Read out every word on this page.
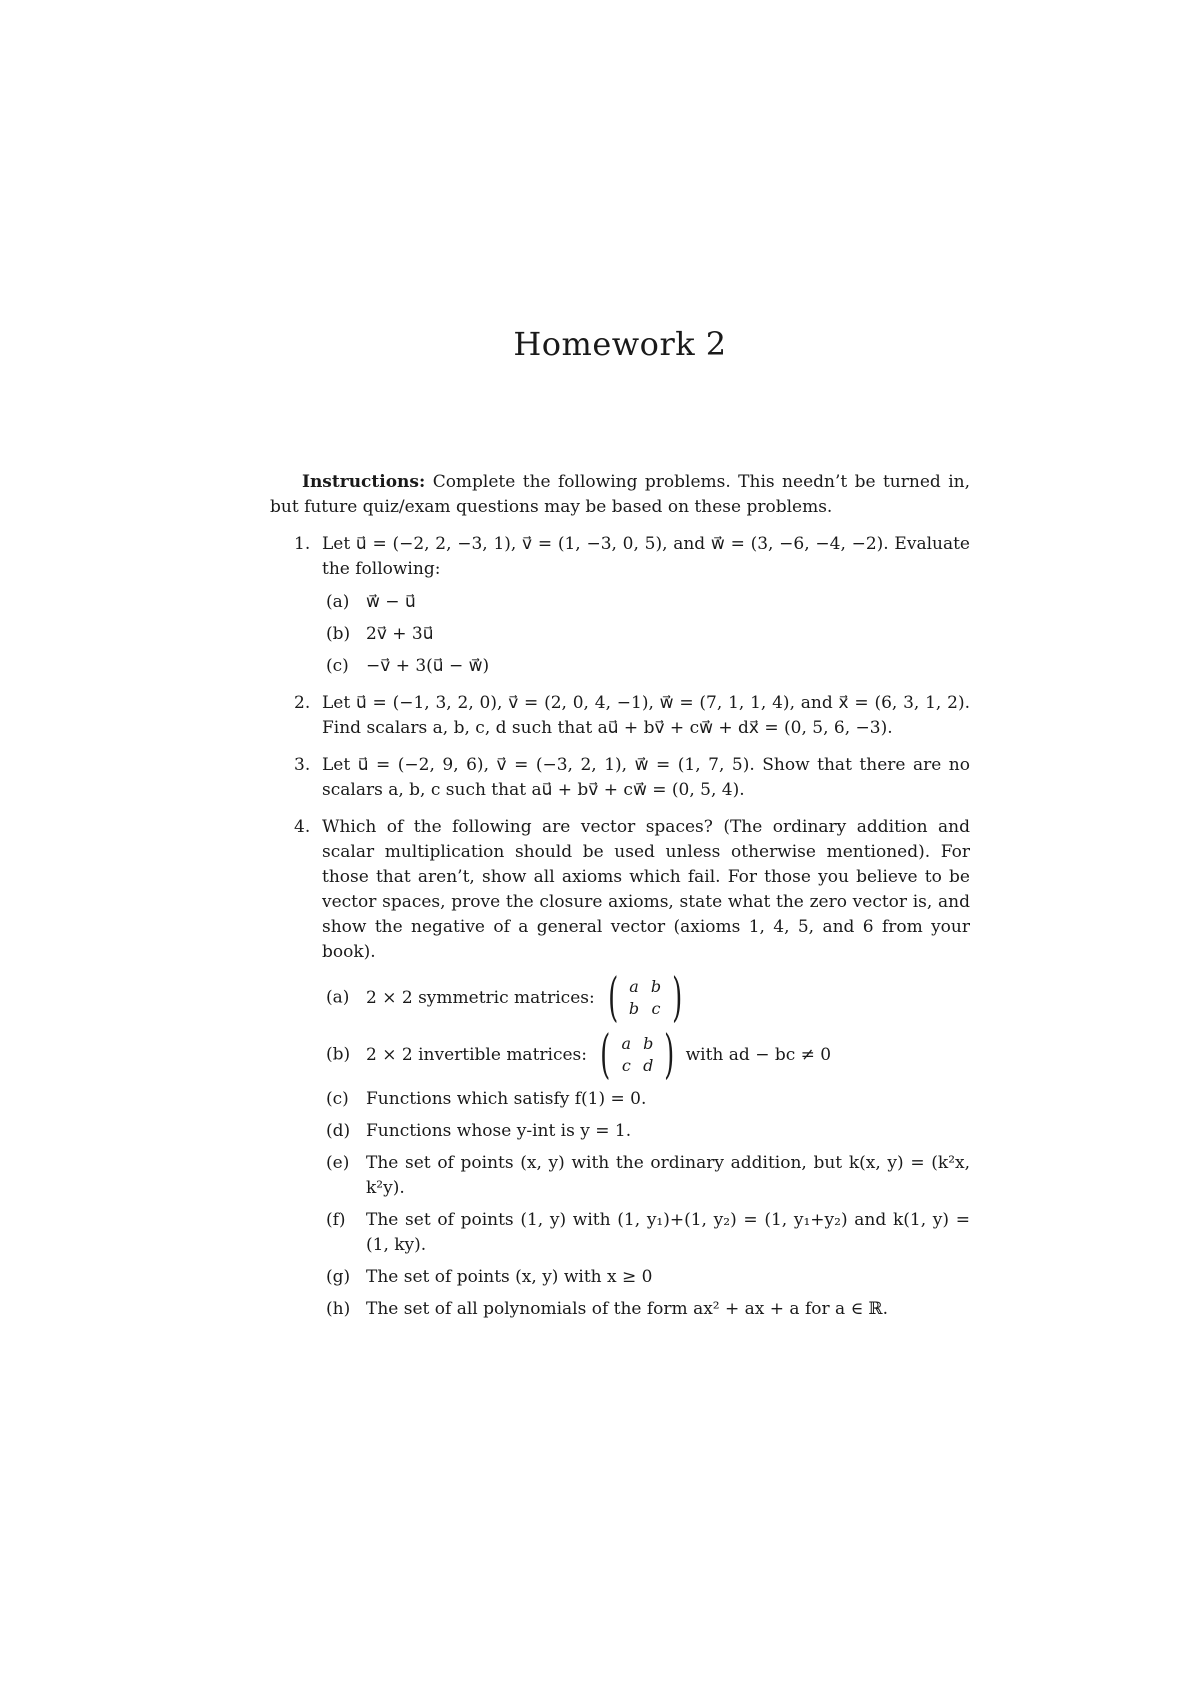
Homework 2

Instructions: Complete the following problems. This needn’t be turned in, but future quiz/exam questions may be based on these problems.

1. Let u⃗ = (−2, 2, −3, 1), v⃗ = (1, −3, 0, 5), and w⃗ = (3, −6, −4, −2). Evaluate the following:
(a) w⃗ − u⃗
(b) 2v⃗ + 3u⃗
(c) −v⃗ + 3(u⃗ − w⃗)
2. Let u⃗ = (−1, 3, 2, 0), v⃗ = (2, 0, 4, −1), w⃗ = (7, 1, 1, 4), and x⃗ = (6, 3, 1, 2). Find scalars a, b, c, d such that au⃗ + bv⃗ + cw⃗ + dx⃗ = (0, 5, 6, −3).
3. Let u⃗ = (−2, 9, 6), v⃗ = (−3, 2, 1), w⃗ = (1, 7, 5). Show that there are no scalars a, b, c such that au⃗ + bv⃗ + cw⃗ = (0, 5, 4).
4. Which of the following are vector spaces? (The ordinary addition and scalar multiplication should be used unless otherwise mentioned). For those that aren’t, show all axioms which fail. For those you believe to be vector spaces, prove the closure axioms, state what the zero vector is, and show the negative of a general vector (axioms 1, 4, 5, and 6 from your book).
(a) 2 × 2 symmetric matrices: ( a b
b c )
(b) 2 × 2 invertible matrices: ( a b
c d ) with ad − bc ≠ 0
(c) Functions which satisfy f(1) = 0.
(d) Functions whose y-int is y = 1.
(e) The set of points (x, y) with the ordinary addition, but k(x, y) = (k²x, k²y).
(f) The set of points (1, y) with (1, y₁)+(1, y₂) = (1, y₁+y₂) and k(1, y) = (1, ky).
(g) The set of points (x, y) with x ≥ 0
(h) The set of all polynomials of the form ax² + ax + a for a ∈ ℝ.
